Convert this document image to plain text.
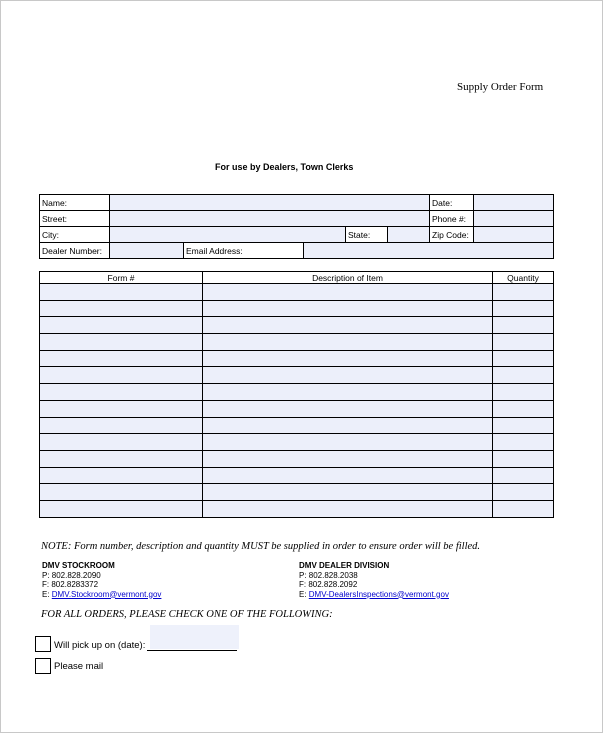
Supply Order Form
For use by Dealers, Town Clerks
Name:						Date:	
Street:						Phone #:	
City:				State:		Zip Code:	
Dealer Number:		Email Address:					
Form #	Description of Item	Quantity

NOTE: Form number, description and quantity MUST be supplied in order to ensure order will be filled.
DMV STOCKROOM
P: 802.828.2090
F: 802.8283372
E: DMV.Stockroom@vermont.gov
DMV DEALER DIVISION
P: 802.828.2038
F: 802.828.2092
E: DMV-DealersInspections@vermont.gov
FOR ALL ORDERS, PLEASE CHECK ONE OF THE FOLLOWING:
Will pick up on (date):
Please mail
